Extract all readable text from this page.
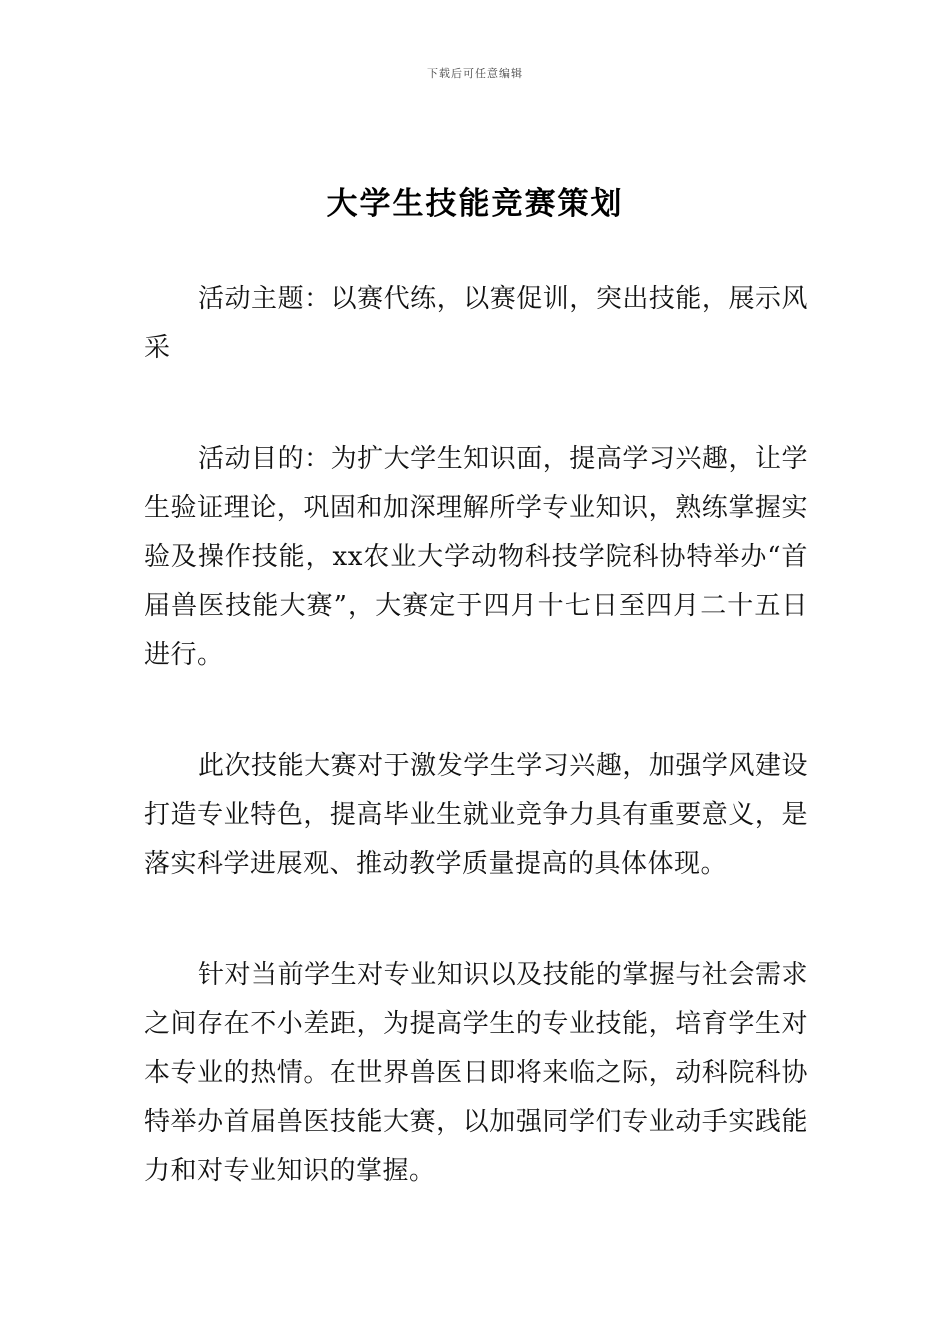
下载后可任意编辑
大学生技能竞赛策划

活动主题：以赛代练，以赛促训，突出技能，展示风采

活动目的：为扩大学生知识面，提高学习兴趣，让学生验证理论，巩固和加深理解所学专业知识，熟练掌握实验及操作技能，xx农业大学动物科技学院科协特举办“首届兽医技能大赛”，大赛定于四月十七日至四月二十五日进行。

此次技能大赛对于激发学生学习兴趣，加强学风建设打造专业特色，提高毕业生就业竞争力具有重要意义，是落实科学进展观、推动教学质量提高的具体体现。

针对当前学生对专业知识以及技能的掌握与社会需求之间存在不小差距，为提高学生的专业技能，培育学生对本专业的热情。在世界兽医日即将来临之际，动科院科协特举办首届兽医技能大赛，以加强同学们专业动手实践能力和对专业知识的掌握。
